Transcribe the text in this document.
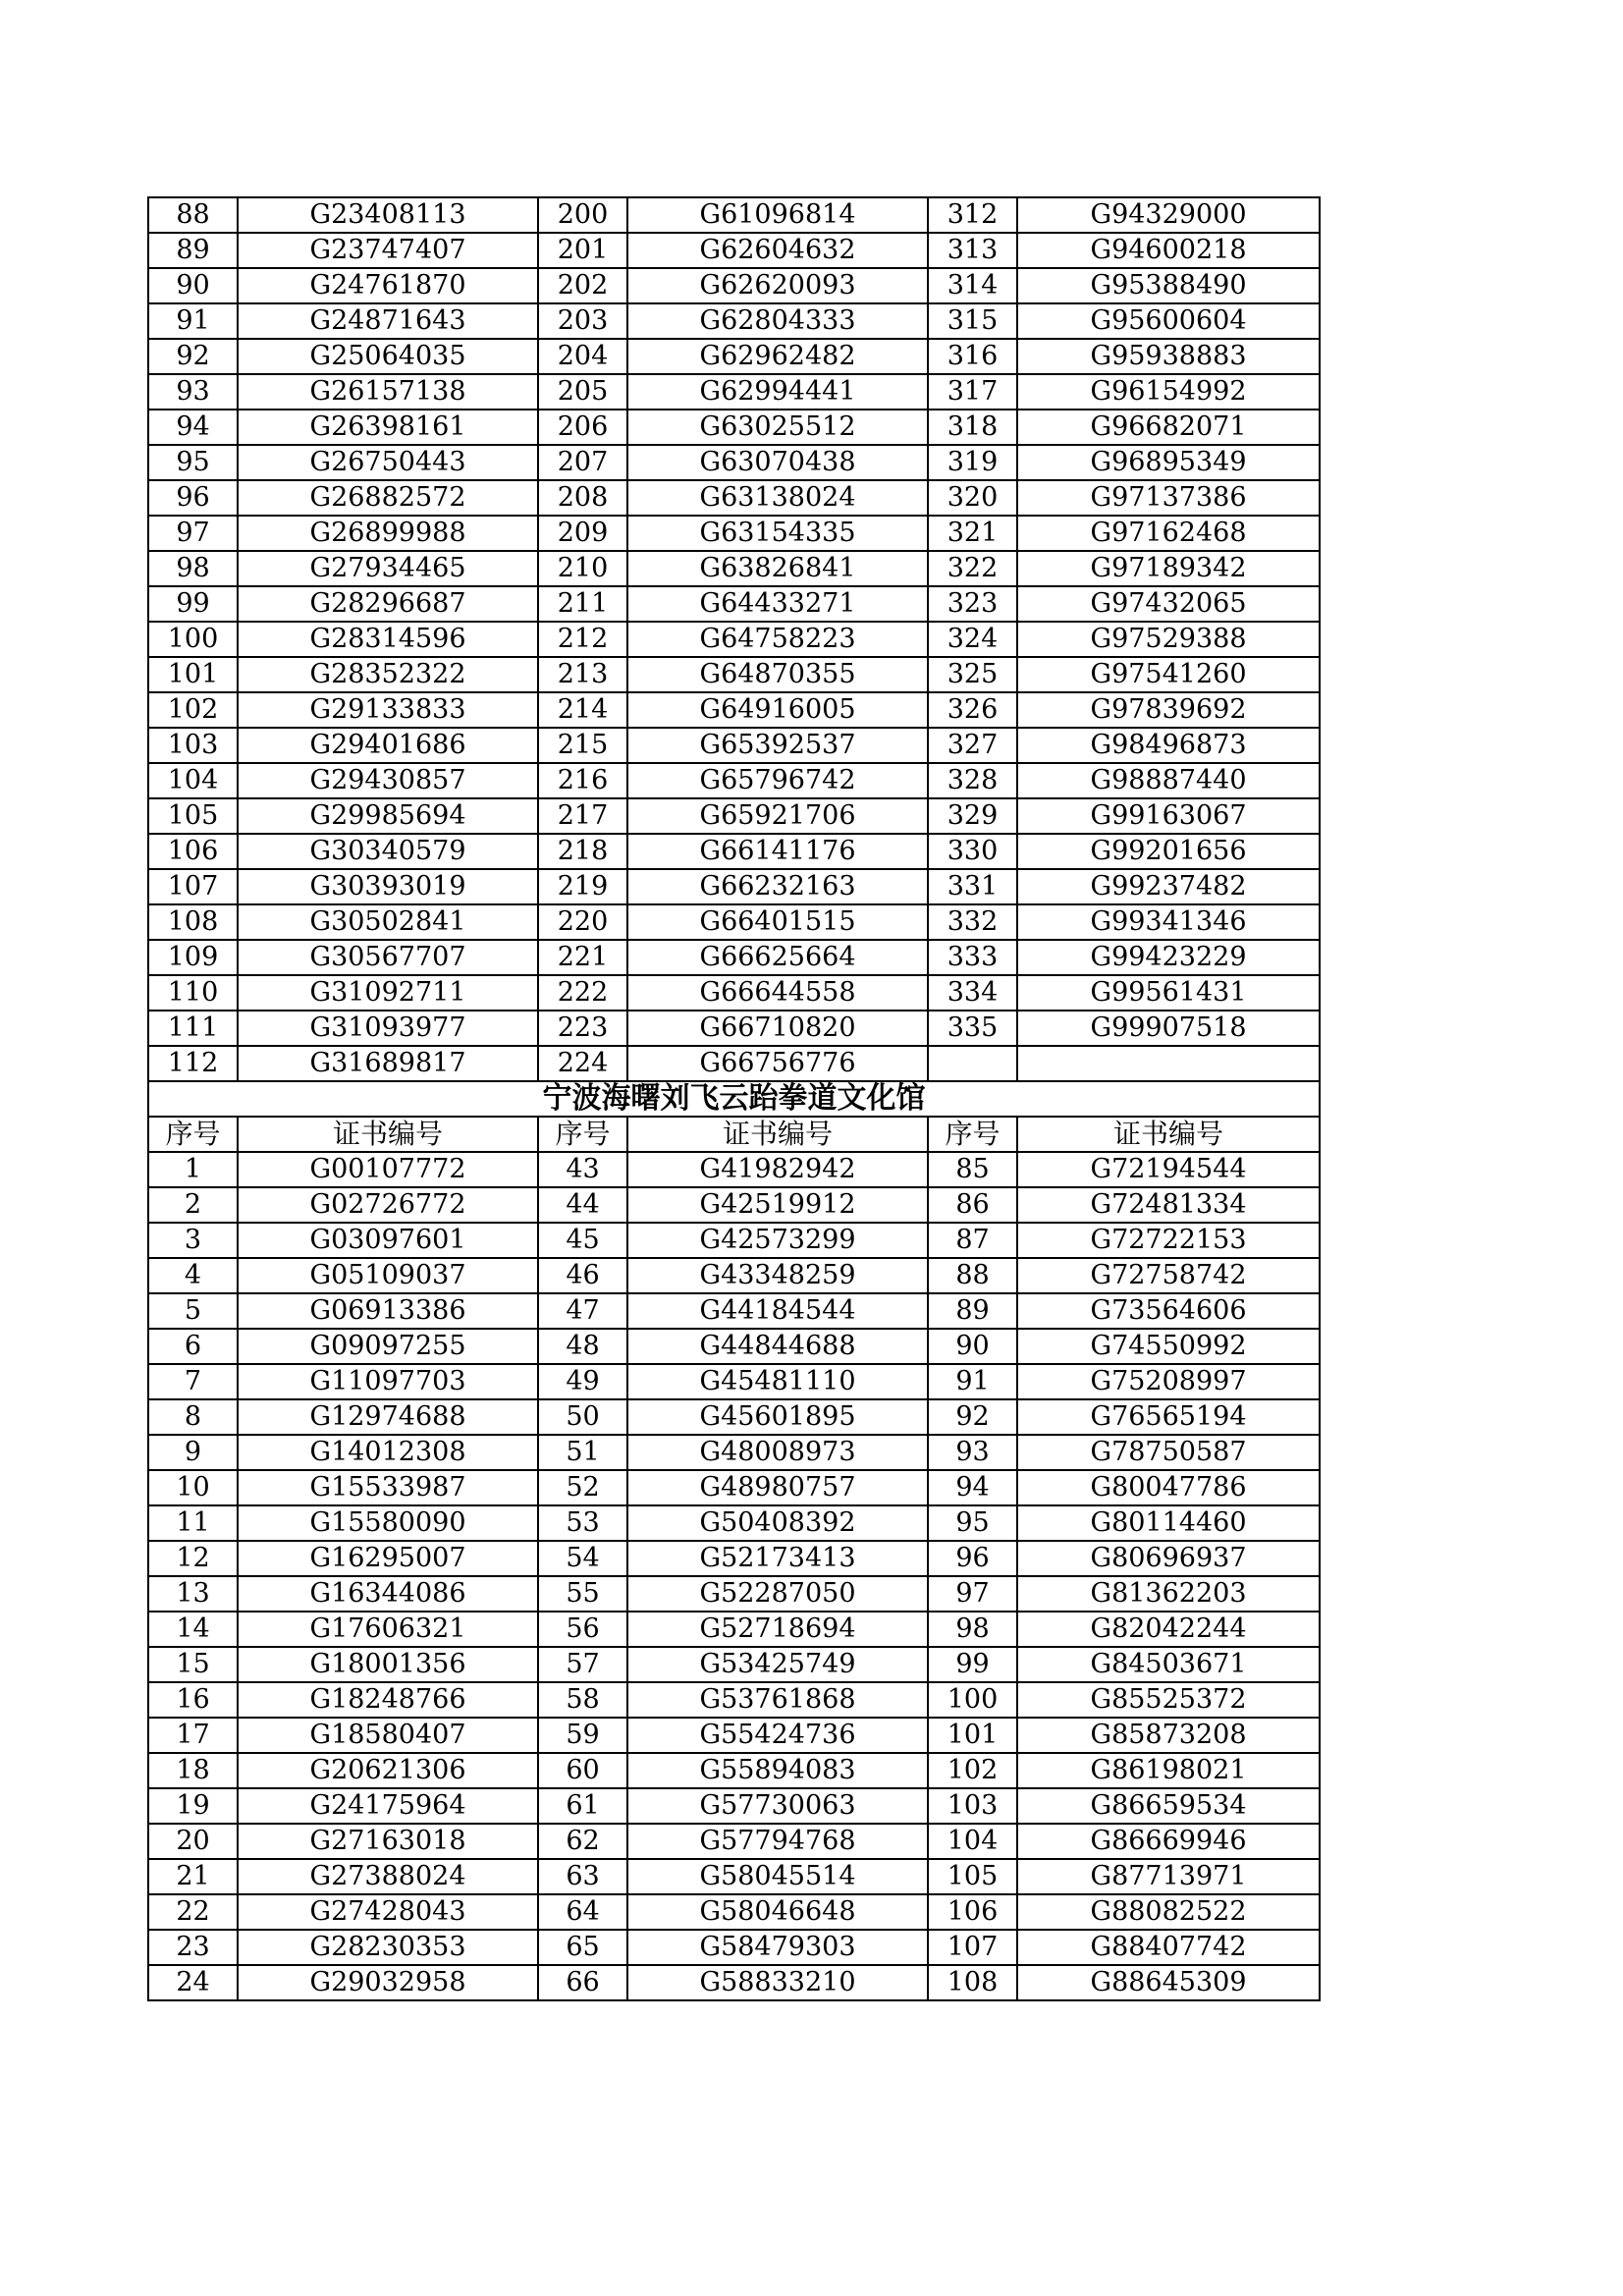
88	G23408113	200	G61096814	312	G94329000
89	G23747407	201	G62604632	313	G94600218
90	G24761870	202	G62620093	314	G95388490
91	G24871643	203	G62804333	315	G95600604
92	G25064035	204	G62962482	316	G95938883
93	G26157138	205	G62994441	317	G96154992
94	G26398161	206	G63025512	318	G96682071
95	G26750443	207	G63070438	319	G96895349
96	G26882572	208	G63138024	320	G97137386
97	G26899988	209	G63154335	321	G97162468
98	G27934465	210	G63826841	322	G97189342
99	G28296687	211	G64433271	323	G97432065
100	G28314596	212	G64758223	324	G97529388
101	G28352322	213	G64870355	325	G97541260
102	G29133833	214	G64916005	326	G97839692
103	G29401686	215	G65392537	327	G98496873
104	G29430857	216	G65796742	328	G98887440
105	G29985694	217	G65921706	329	G99163067
106	G30340579	218	G66141176	330	G99201656
107	G30393019	219	G66232163	331	G99237482
108	G30502841	220	G66401515	332	G99341346
109	G30567707	221	G66625664	333	G99423229
110	G31092711	222	G66644558	334	G99561431
111	G31093977	223	G66710820	335	G99907518
112	G31689817	224	G66756776		
宁波海曙刘飞云跆拳道文化馆					
序号	证书编号	序号	证书编号	序号	证书编号
1	G00107772	43	G41982942	85	G72194544
2	G02726772	44	G42519912	86	G72481334
3	G03097601	45	G42573299	87	G72722153
4	G05109037	46	G43348259	88	G72758742
5	G06913386	47	G44184544	89	G73564606
6	G09097255	48	G44844688	90	G74550992
7	G11097703	49	G45481110	91	G75208997
8	G12974688	50	G45601895	92	G76565194
9	G14012308	51	G48008973	93	G78750587
10	G15533987	52	G48980757	94	G80047786
11	G15580090	53	G50408392	95	G80114460
12	G16295007	54	G52173413	96	G80696937
13	G16344086	55	G52287050	97	G81362203
14	G17606321	56	G52718694	98	G82042244
15	G18001356	57	G53425749	99	G84503671
16	G18248766	58	G53761868	100	G85525372
17	G18580407	59	G55424736	101	G85873208
18	G20621306	60	G55894083	102	G86198021
19	G24175964	61	G57730063	103	G86659534
20	G27163018	62	G57794768	104	G86669946
21	G27388024	63	G58045514	105	G87713971
22	G27428043	64	G58046648	106	G88082522
23	G28230353	65	G58479303	107	G88407742
24	G29032958	66	G58833210	108	G88645309
